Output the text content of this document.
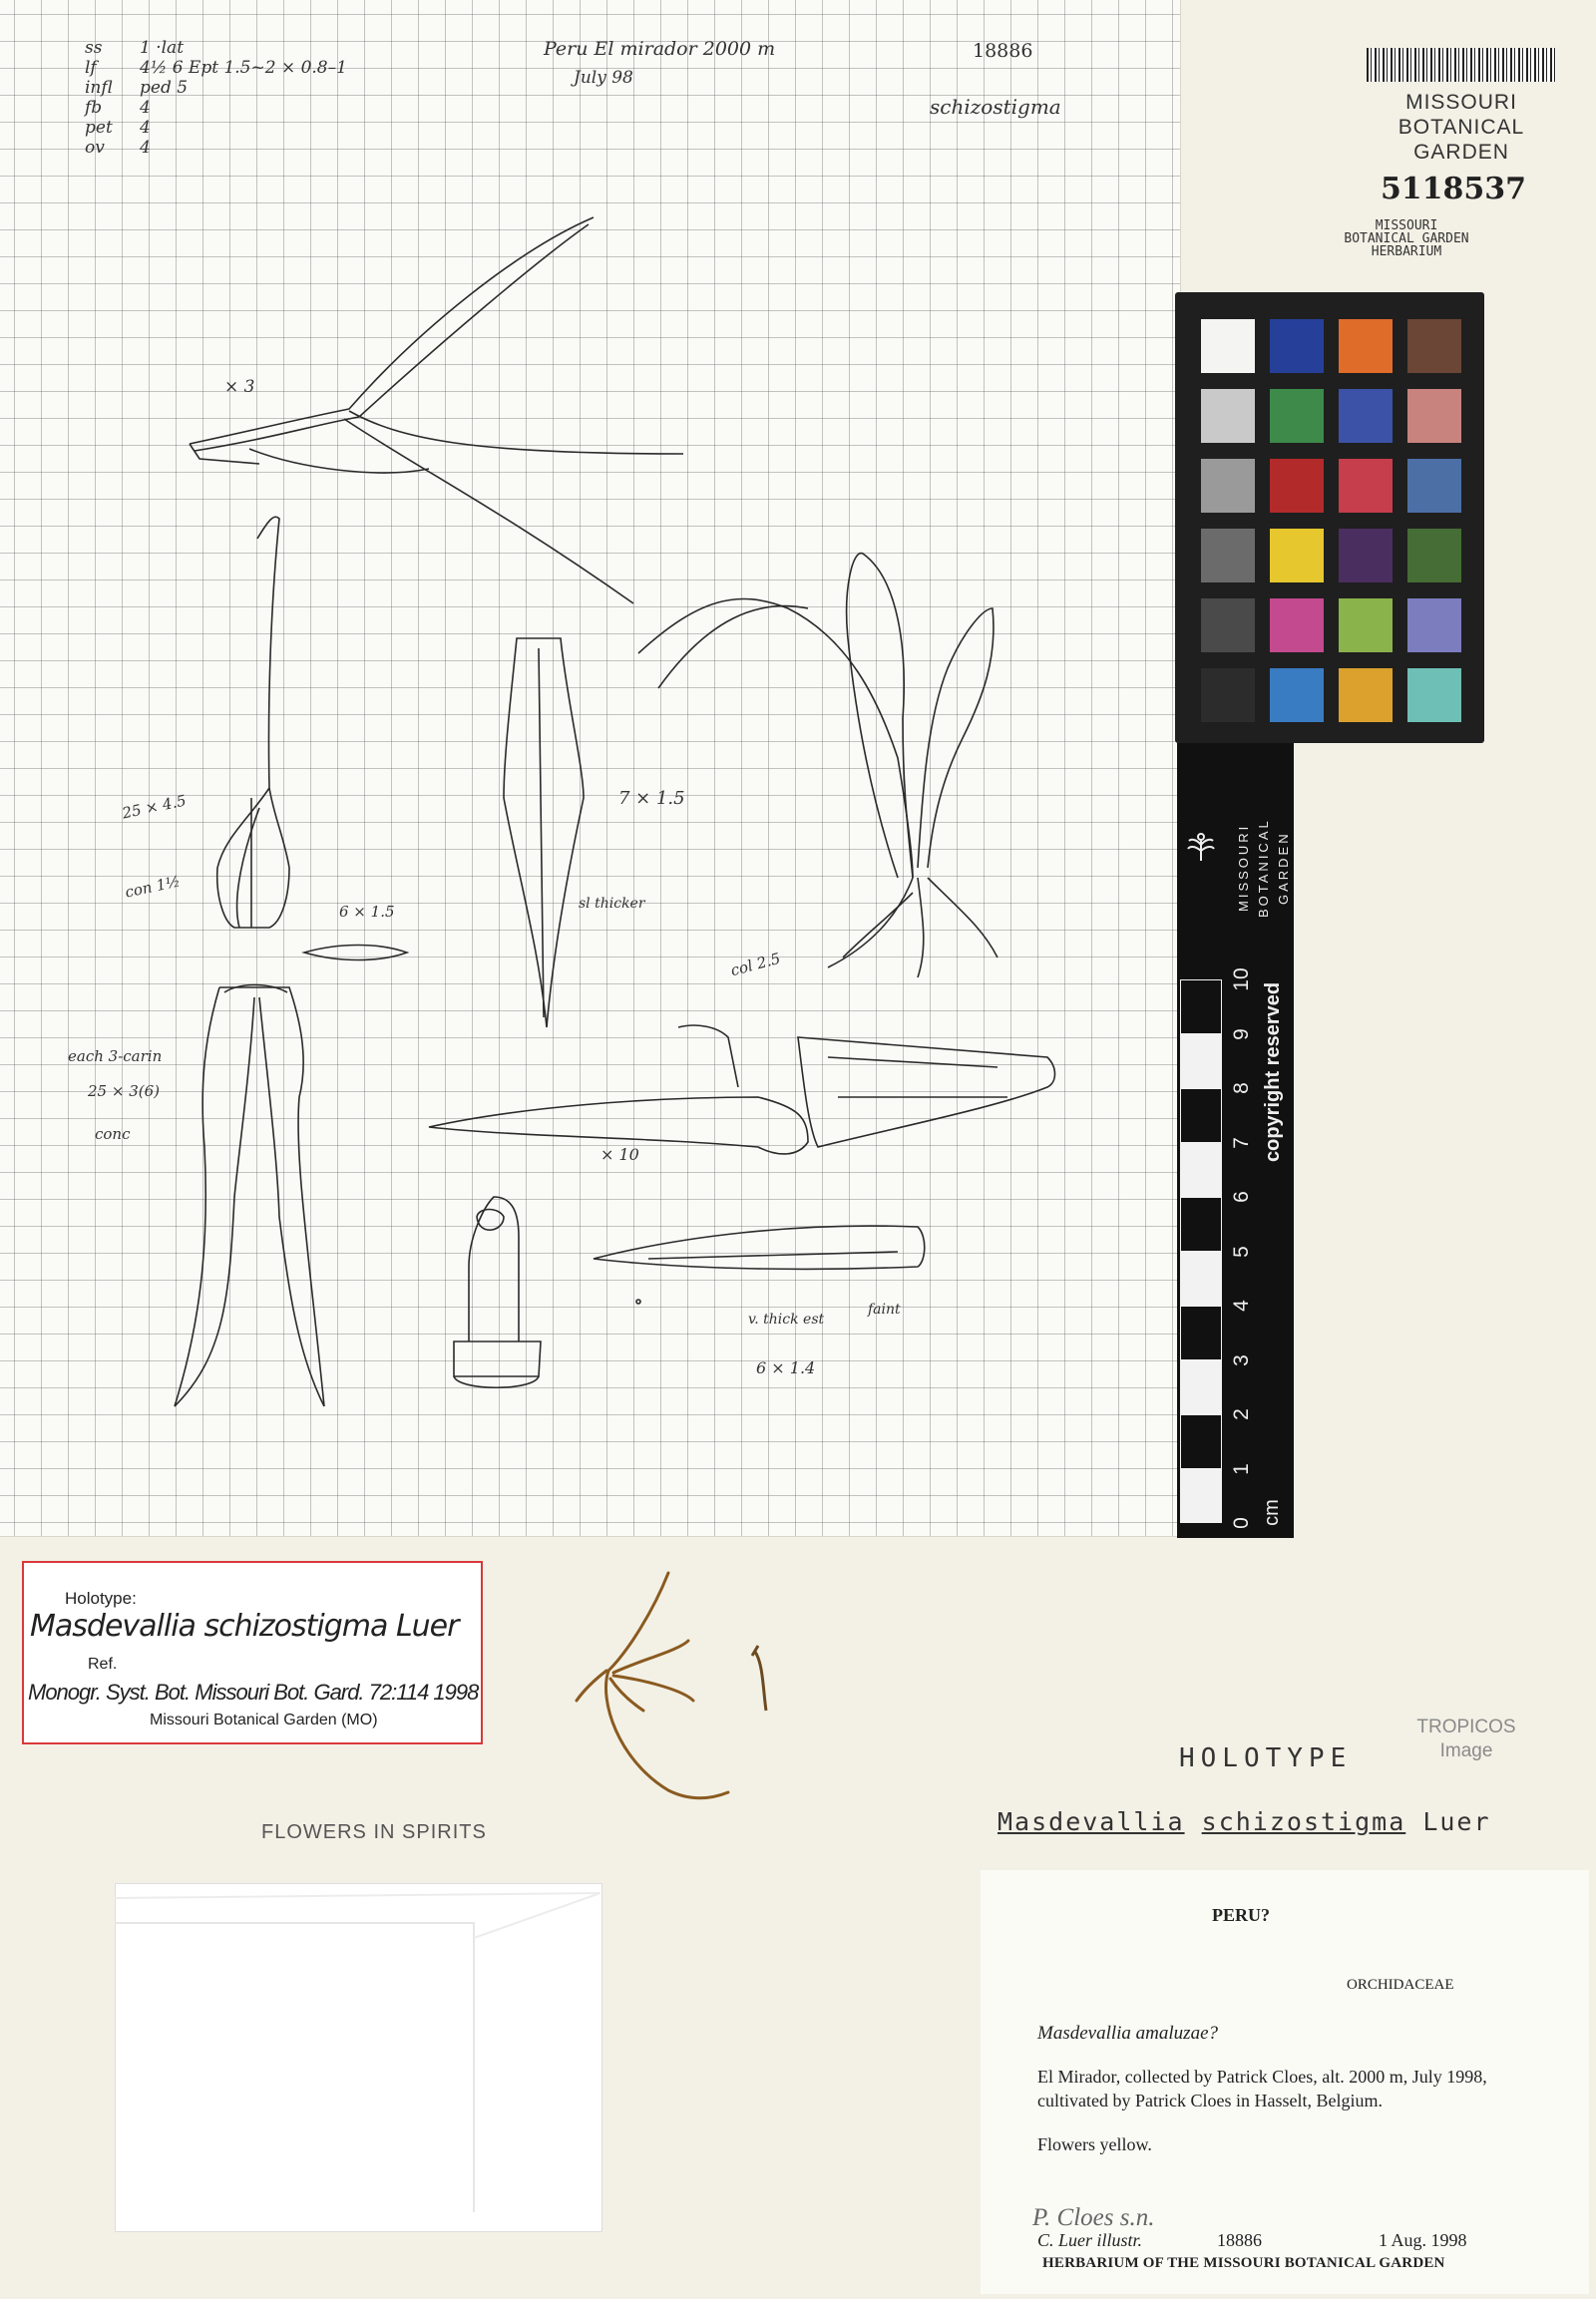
ss
lf
infl
fb
pet
ov
1 ·lat
4½ 6 Ept 1.5~2 × 0.8–1
ped 5
4
4
4
Peru El mirador 2000 m
July 98
18886
schizostigma
× 3
25 × 4.5
con 1½
6 × 1.5
7 × 1.5
sl thicker
col 2.5
each 3-carin
25 × 3(6)
conc
× 10
v. thick est
faint
6 × 1.4
MISSOURI
BOTANICAL
GARDEN
5118537
MISSOURI
BOTANICAL GARDEN
HERBARIUM
MISSOURI BOTANICAL GARDEN
copyright reserved
0
1
2
3
4
5
6
7
8
9
10
cm
Holotype:
Masdevallia schizostigma Luer
Ref.
Monogr. Syst. Bot. Missouri Bot. Gard. 72:114 1998
Missouri Botanical Garden (MO)
FLOWERS IN SPIRITS
TROPICOS
Image
HOLOTYPE
Masdevallia schizostigma Luer
PERU?
ORCHIDACEAE
Masdevallia amaluzae?
El Mirador, collected by Patrick Cloes, alt. 2000 m, July 1998, cultivated by Patrick Cloes in Hasselt, Belgium.
Flowers yellow.
P. Cloes s.n.
C. Luer illustr.	18886	1 Aug. 1998
HERBARIUM OF THE MISSOURI BOTANICAL GARDEN
